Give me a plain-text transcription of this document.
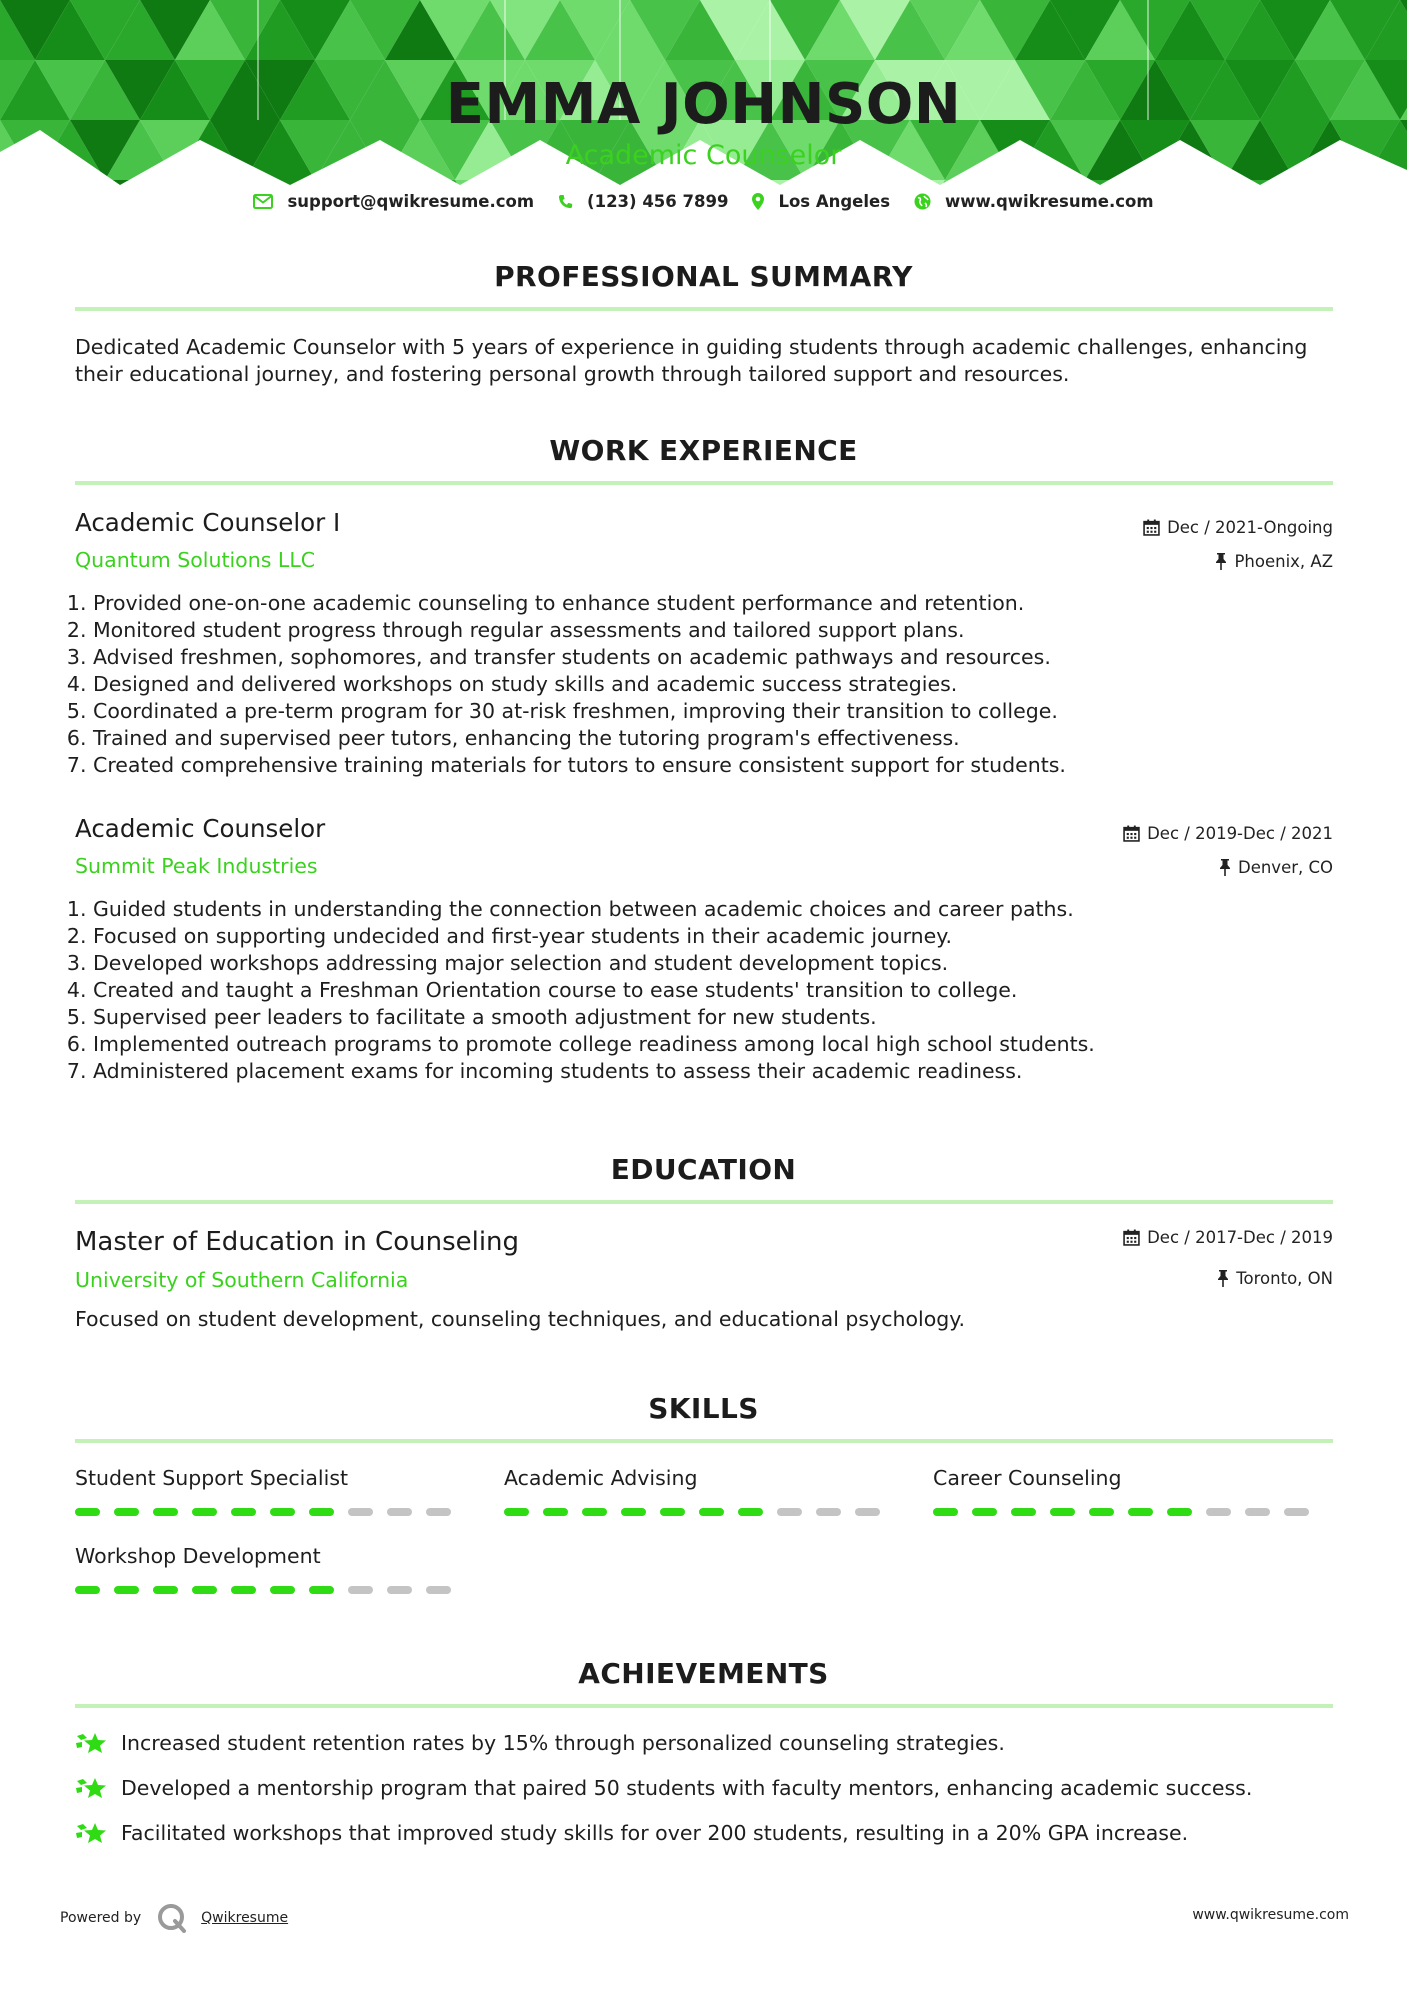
EMMA JOHNSON
Academic Counselor
support@qwikresume.com	(123) 456 7899	Los Angeles	www.qwikresume.com
PROFESSIONAL SUMMARY
Dedicated Academic Counselor with 5 years of experience in guiding students through academic challenges, enhancing their educational journey, and fostering personal growth through tailored support and resources.
WORK EXPERIENCE
Academic Counselor I	Dec / 2021-Ongoing
Quantum Solutions LLC	Phoenix, AZ
1. Provided one-on-one academic counseling to enhance student performance and retention.
2. Monitored student progress through regular assessments and tailored support plans.
3. Advised freshmen, sophomores, and transfer students on academic pathways and resources.
4. Designed and delivered workshops on study skills and academic success strategies.
5. Coordinated a pre-term program for 30 at-risk freshmen, improving their transition to college.
6. Trained and supervised peer tutors, enhancing the tutoring program's effectiveness.
7. Created comprehensive training materials for tutors to ensure consistent support for students.
Academic Counselor	Dec / 2019-Dec / 2021
Summit Peak Industries	Denver, CO
1. Guided students in understanding the connection between academic choices and career paths.
2. Focused on supporting undecided and first-year students in their academic journey.
3. Developed workshops addressing major selection and student development topics.
4. Created and taught a Freshman Orientation course to ease students' transition to college.
5. Supervised peer leaders to facilitate a smooth adjustment for new students.
6. Implemented outreach programs to promote college readiness among local high school students.
7. Administered placement exams for incoming students to assess their academic readiness.
EDUCATION
Master of Education in Counseling	Dec / 2017-Dec / 2019
University of Southern California	Toronto, ON
Focused on student development, counseling techniques, and educational psychology.
SKILLS
Student Support Specialist	Academic Advising	Career Counseling
Workshop Development
ACHIEVEMENTS
Increased student retention rates by 15% through personalized counseling strategies.
Developed a mentorship program that paired 50 students with faculty mentors, enhancing academic success.
Facilitated workshops that improved study skills for over 200 students, resulting in a 20% GPA increase.
Powered by	Qwikresume	www.qwikresume.com
